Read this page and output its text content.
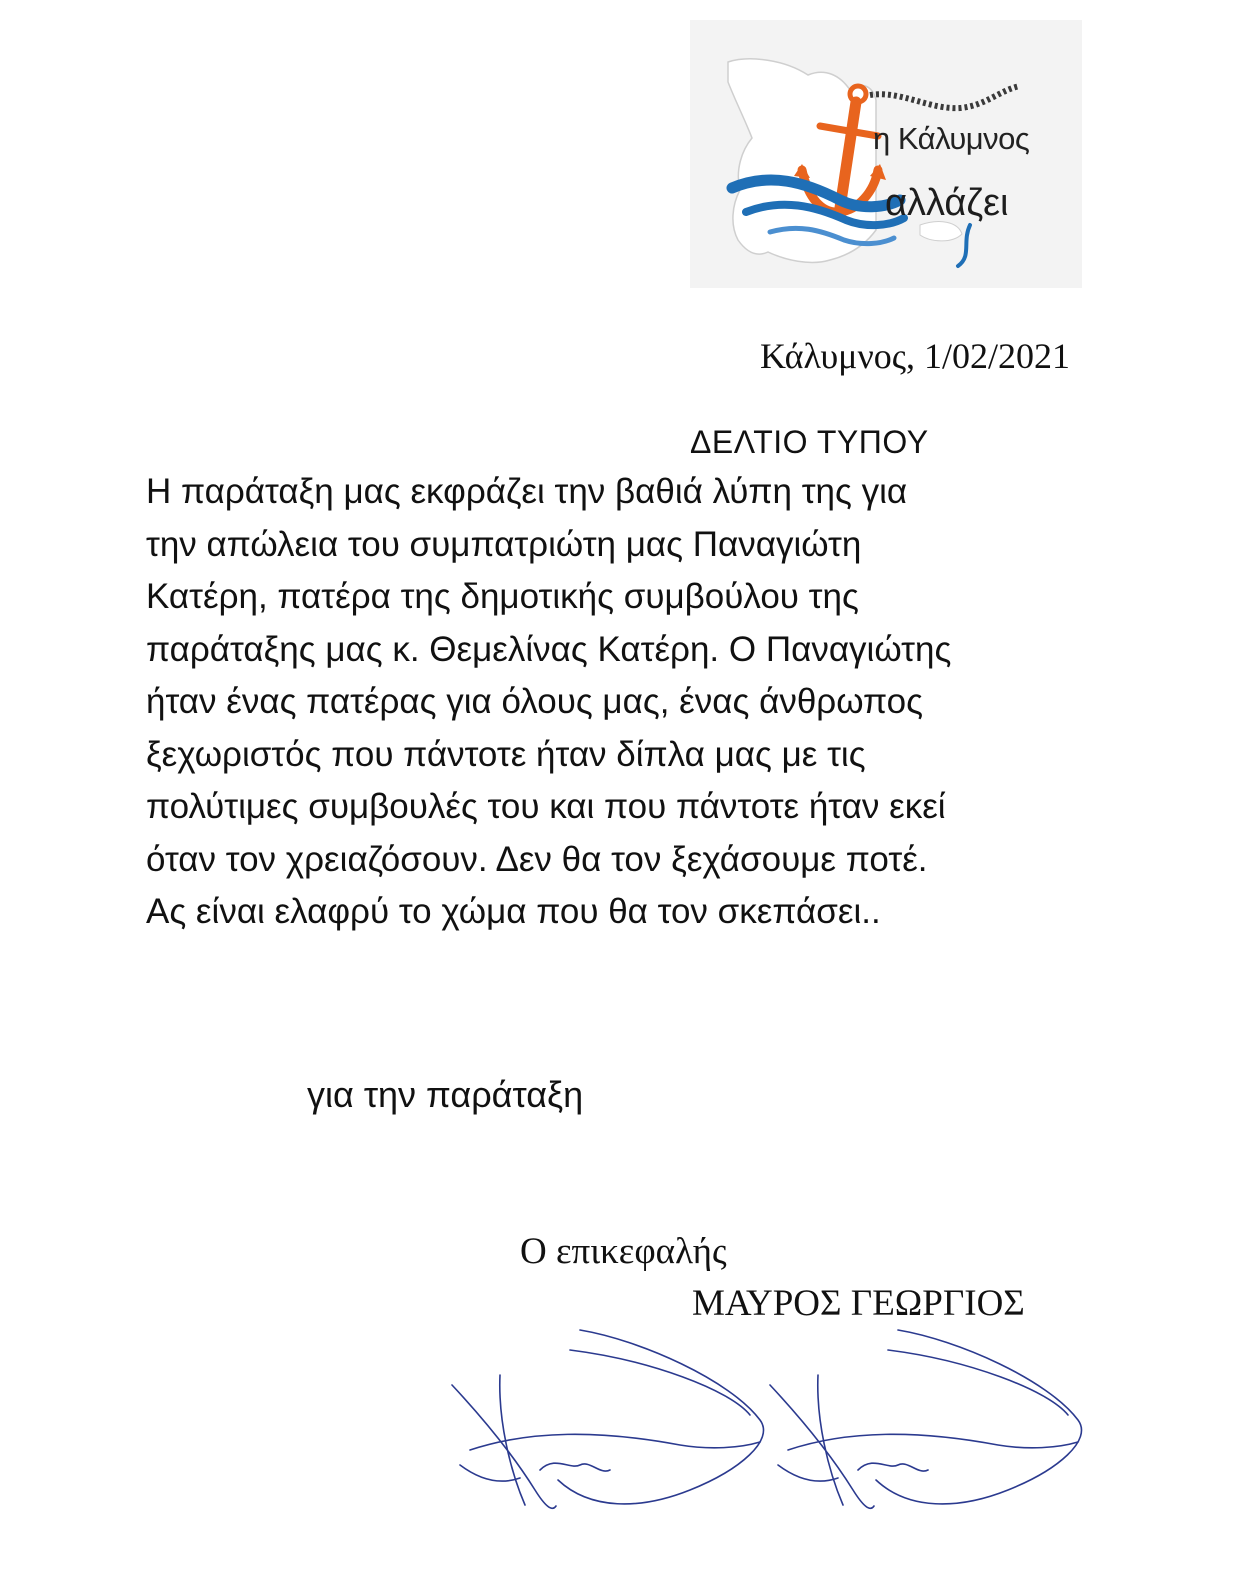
η Κάλυμνος
αλλάζει
Κάλυμνος, 1/02/2021
ΔΕΛΤΙΟ ΤΥΠΟΥ
Η παράταξη μας εκφράζει την βαθιά λύπη της για
την απώλεια του συμπατριώτη μας Παναγιώτη
Κατέρη, πατέρα της δημοτικής συμβούλου της
παράταξης μας κ. Θεμελίνας Κατέρη. Ο Παναγιώτης
ήταν ένας πατέρας για όλους μας, ένας άνθρωπος
ξεχωριστός που πάντοτε ήταν δίπλα μας με τις
πολύτιμες συμβουλές του και που πάντοτε ήταν εκεί
όταν τον χρειαζόσουν. Δεν θα τον ξεχάσουμε ποτέ.
Ας είναι ελαφρύ το χώμα που θα τον σκεπάσει..
για την παράταξη
Ο επικεφαλής
ΜΑΥΡΟΣ ΓΕΩΡΓΙΟΣ
